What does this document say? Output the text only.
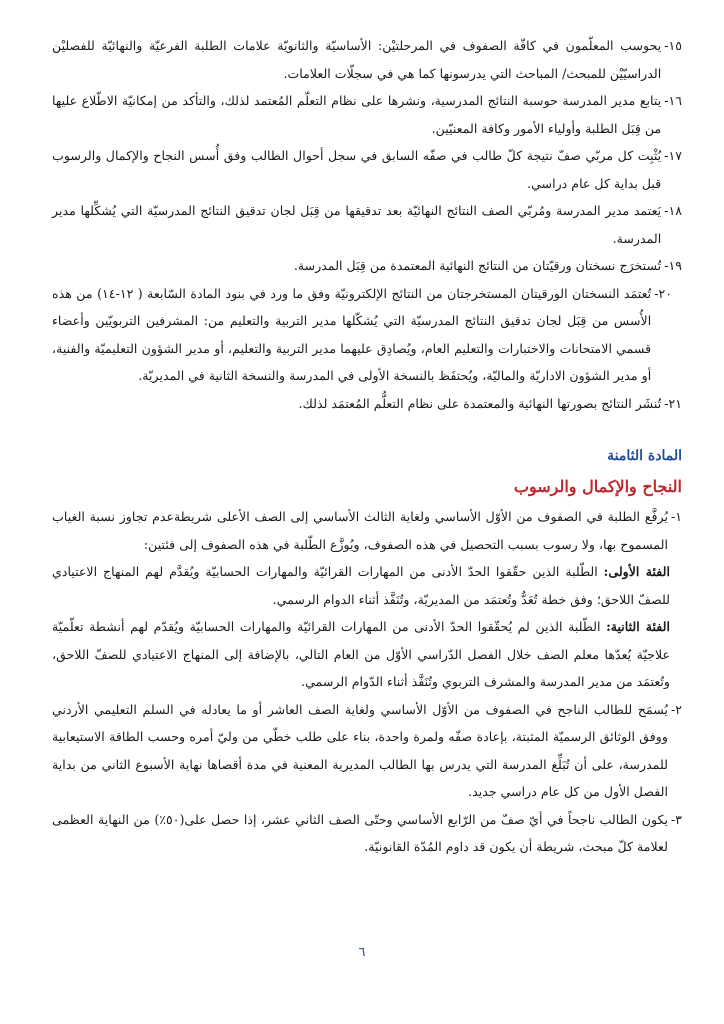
١٥-
يحوسب المعلّمون في كافّة الصفوف في المرحلتيْن: الأساسيّة والثانويّة علامات الطلبة الفرعيّة والنهائيّة للفصليْن الدراسيّيْن للمبحث/ المباحث التي يدرسونها كما هي في سجلّات العلامات.
١٦-
يتابع مدير المدرسة حوسبة النتائج المدرسية، ونشرها على نظام التعلّم المُعتمد لذلك، والتأكد من إمكانيّة الاطّلاع عليها من قِبَل الطلبة وأولياء الأمور وكافة المعنيّين.
١٧-
يُثْبِت كل مربّي صفّ نتيجة كلّ طالب في صفّه السابق في سجل أحوال الطالب وفق أُسس النجاح والإكمال والرسوب قبل بداية كل عام دراسي.
١٨-
يَعتمد مدير المدرسة ومُربّي الصف النتائج النهائيّة بعد تدقيقها من قِبَل لجان تدقيق النتائج المدرسيّة التي يُشكِّلها مدير المدرسة.
١٩-
تُستخرَج نسختان ورقيّتان من النتائج النهائية المعتمدة من قِبَل المدرسة.
٢٠-
تُعتمَد النسختان الورقيتان المستخرجتان من النتائج الإلكترونيّة وفق ما ورد في بنود المادة السّابعة ( ١٢-١٤) من هذه الأُسس من قِبَل لجان تدقيق النتائج المدرسيّة التي يُشكّلها مدير التربية والتعليم من: المشرفين التربويّين وأعضاء قسمي الامتحانات والاختبارات والتعليم العام، ويُصادِق عليهما مدير التربية والتعليم، أو مدير الشؤون التعليميّة والفنية، أو مدير الشؤون الاداريّة والماليّة، ويُحتفَظ بالنسخة الأولى في المدرسة والنسخة الثانية في المديريّة.
٢١-
تُنشَر النتائج بصورتها النهائية والمعتمدة على نظام التعلُّم المُعتمَد لذلك.
المادة الثامنة
النجاح والإكمال والرسوب
١-
يُرفَّع الطلبة في الصفوف من الأوّل الأساسي ولغاية الثالث الأساسي إلى الصف الأعلى شريطةعدم تجاوز نسبة الغياب المسموح بها، ولا رسوب بسبب التحصيل في هذه الصفوف، ويُوزَّع الطّلبة في هذه الصفوف إلى فئتين:
الفئة الأولى: الطّلبة الذين حقّقوا الحدّ الأدنى من المهارات القرائيّة والمهارات الحسابيّة ويُقدَّم لهم المنهاج الاعتيادي للصفّ اللاحق؛ وفق خطة تُعَدُّ وتُعتمَد من المديريّة، وتُنَفَّذ أثناء الدوام الرسمي.
الفئة الثانية: الطّلبة الذين لم يُحقّقوا الحدّ الأدنى من المهارات القرائيّة والمهارات الحسابيّة ويُقدّم لهم أنشطة تعلّميّة علاجيّة يُعدّها معلم الصف خلال الفصل الدّراسي الأوّل من العام التالي، بالإضافة إلى المنهاج الاعتيادي للصفّ اللاحق، وتُعتمَد من مدير المدرسة والمشرف التربوي وتُنَفَّذ أثناء الدّوام الرسمي.
٢-
يُسمَح للطالب الناجح في الصفوف من الأوّل الأساسي ولغاية الصف العاشر أو ما يعادله في السلم التعليمي الأردني ووفق الوثائق الرسميّة المثبتة، بإعادة صفّه ولمرة واحدة، بناء على طلب خطّي من وليّ أمره وحسب الطاقة الاستيعابية للمدرسة، على أن تُبَلِّغ المدرسة التي يدرس بها الطالب المديرية المعنية في مدة أقصاها نهاية الأسبوع الثاني من بداية الفصل الأول من كل عام دراسي جديد.
٣-
يكون الطالب ناجحاً في أيّ صفّ من الرّابع الأساسي وحتّى الصف الثاني عشر، إذا حصل على(٥٠٪) من النهاية العظمى لعلامة كلّ مبحث، شريطة أن يكون قد داوم المُدّة القانونيّة.
٦
